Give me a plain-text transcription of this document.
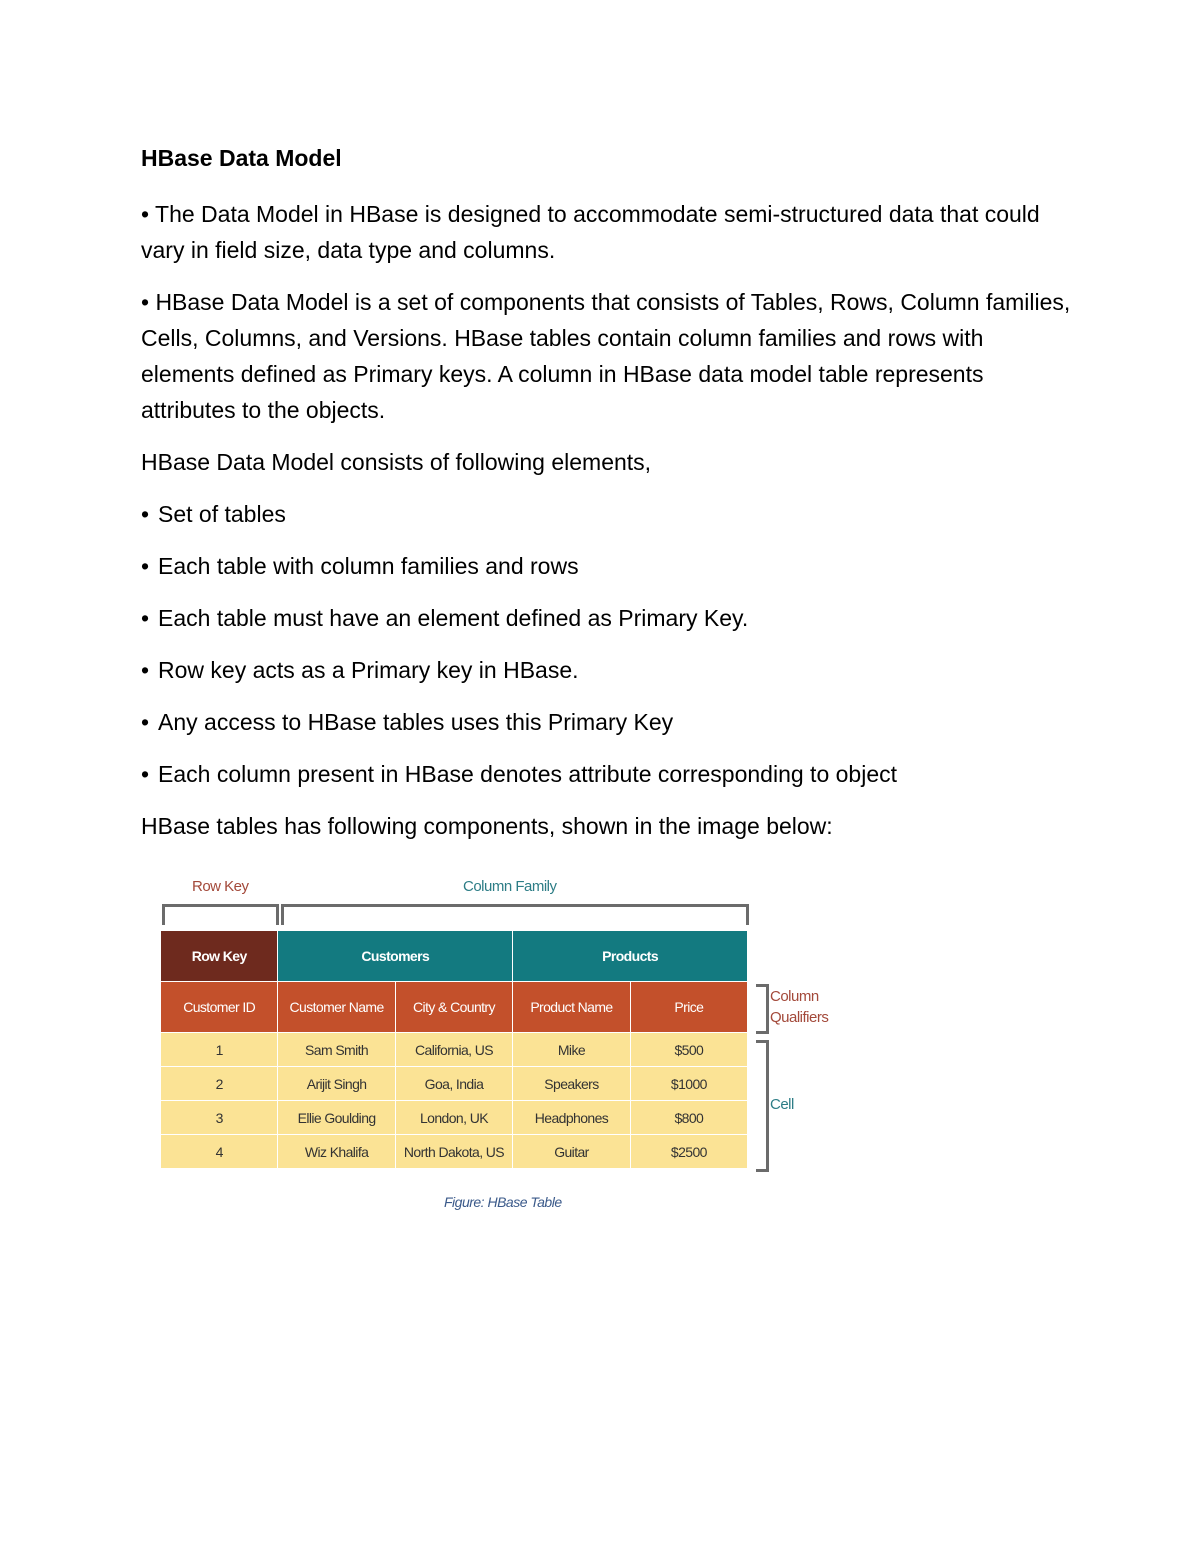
HBase Data Model
• The Data Model in HBase is designed to accommodate semi-structured data that could vary in field size, data type and columns.
• HBase Data Model is a set of components that consists of Tables, Rows, Column families, Cells, Columns, and Versions. HBase tables contain column families and rows with elements defined as Primary keys. A column in HBase data model table represents attributes to the objects.
HBase Data Model consists of following elements,
• Set of tables
• Each table with column families and rows
• Each table must have an element defined as Primary Key.
• Row key acts as a Primary key in HBase.
• Any access to HBase tables uses this Primary Key
• Each column present in HBase denotes attribute corresponding to object
HBase tables has following components, shown in the image below:
Row Key	Column Family
Row Key	Customers		Products	
Customer ID	Customer Name	City & Country	Product Name	Price
1	Sam Smith	California, US	Mike	$500
2	Arijit Singh	Goa, India	Speakers	$1000
3	Ellie Goulding	London, UK	Headphones	$800
4	Wiz Khalifa	North Dakota, US	Guitar	$2500
Column
Qualifiers
Cell
Figure: HBase Table
